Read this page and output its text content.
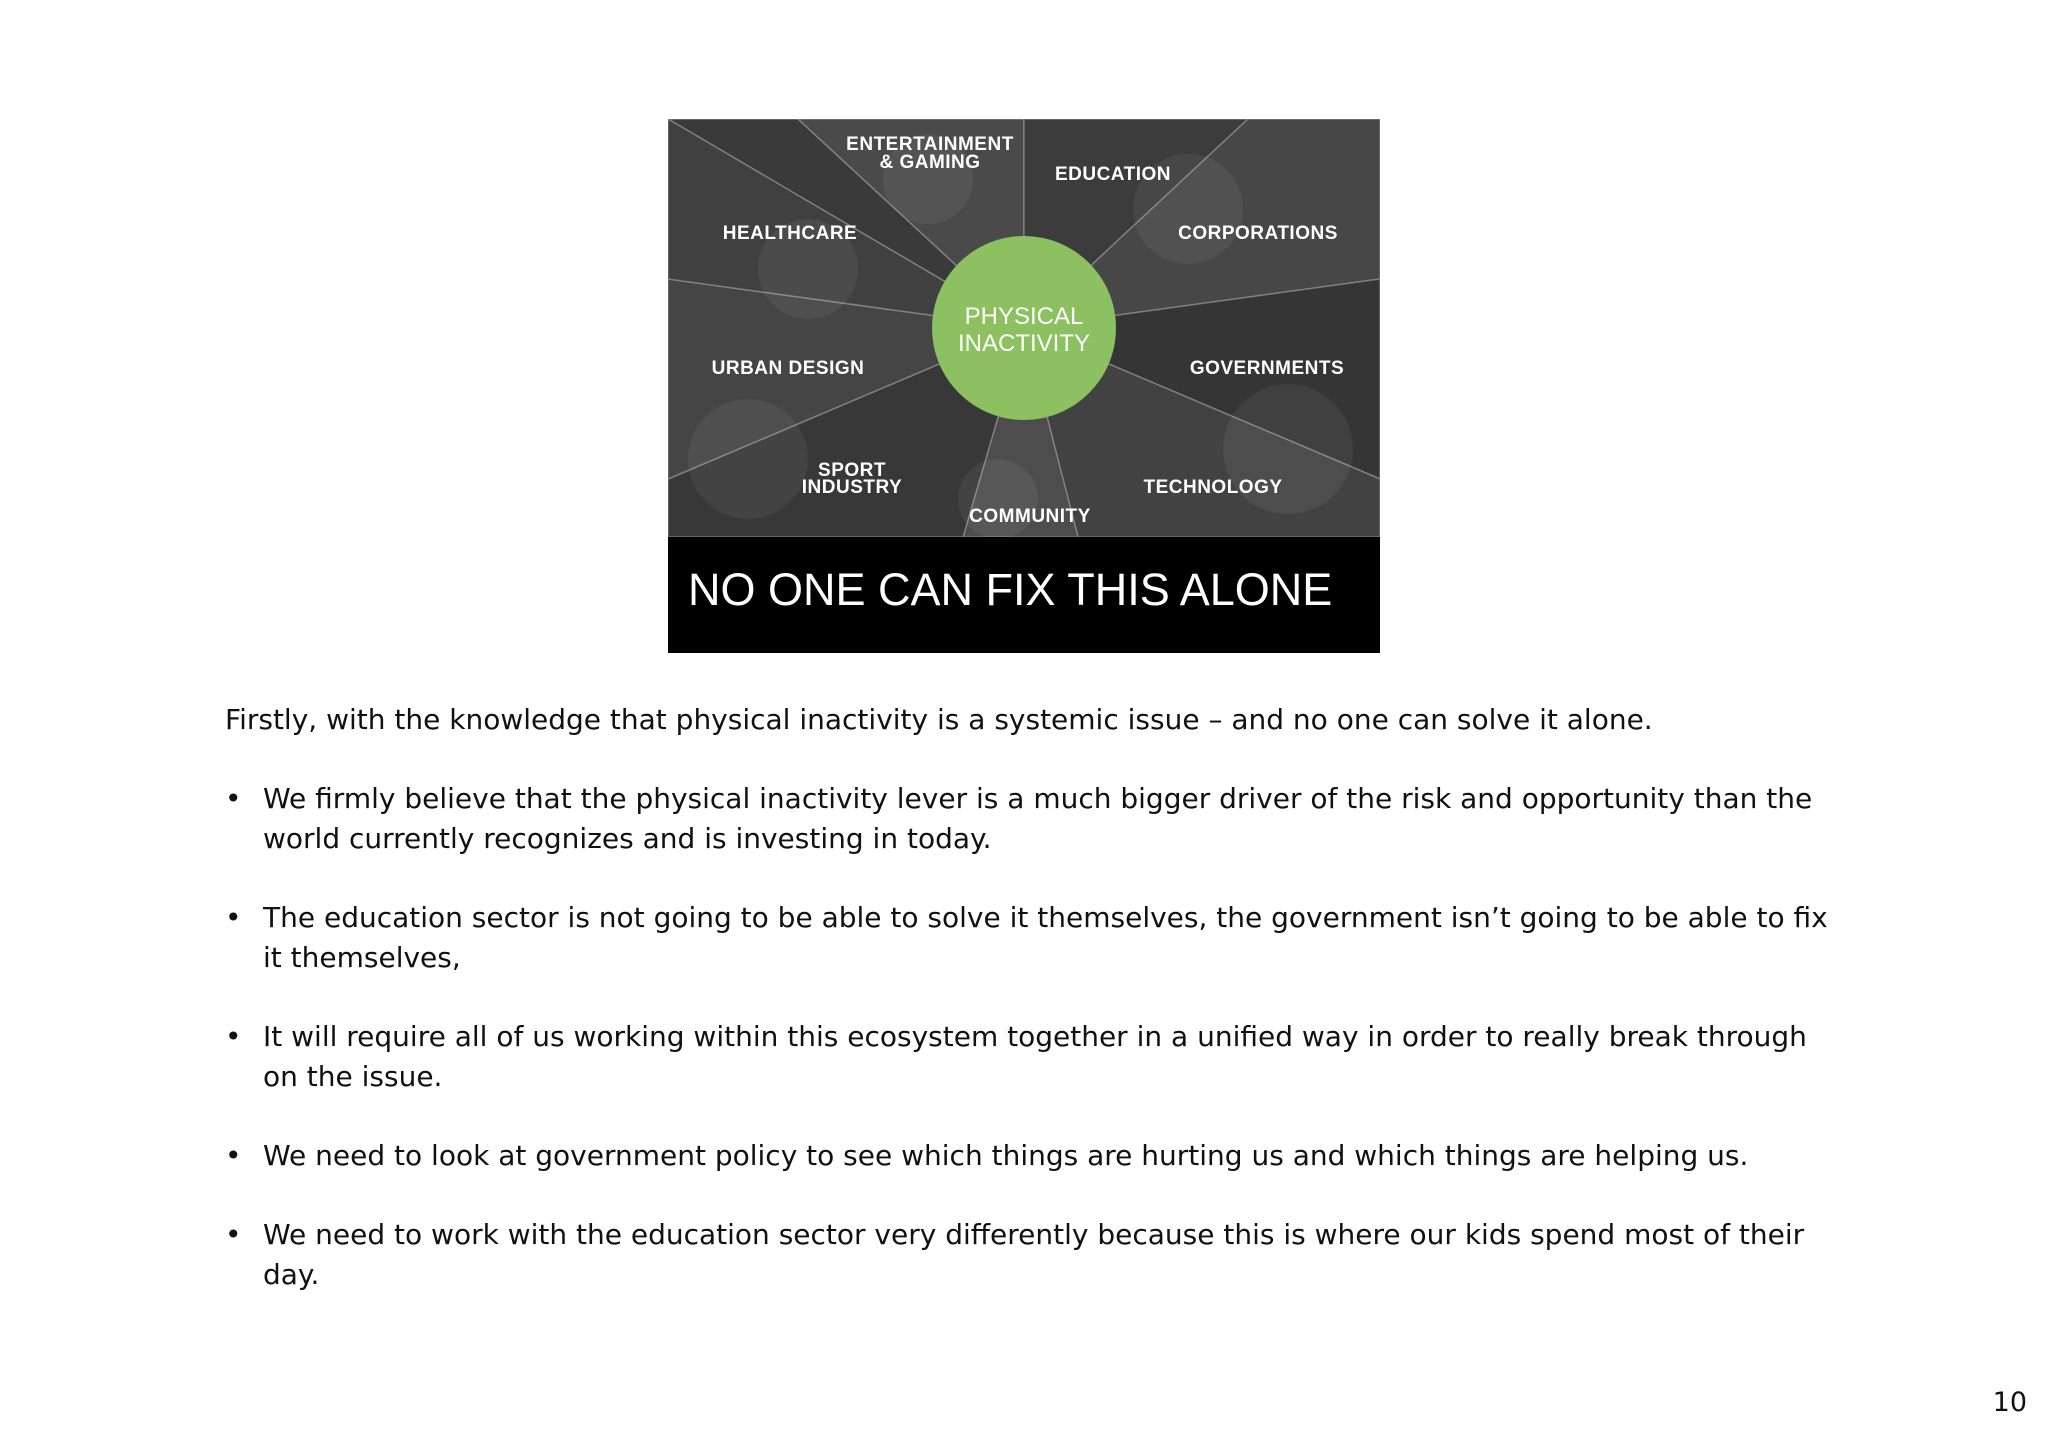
PHYSICAL
INACTIVITY
ENTERTAINMENT
& GAMING
EDUCATION
HEALTHCARE	CORPORATIONS
URBAN DESIGN	GOVERNMENTS
SPORT
INDUSTRY	TECHNOLOGY
COMMUNITY
NO ONE CAN FIX THIS ALONE

Firstly, with the knowledge that physical inactivity is a systemic issue – and no one can solve it alone.

• We firmly believe that the physical inactivity lever is a much bigger driver of the risk and opportunity than the world currently recognizes and is investing in today.
• The education sector is not going to be able to solve it themselves, the government isn’t going to be able to fix it themselves,
• It will require all of us working within this ecosystem together in a unified way in order to really break through on the issue.
• We need to look at government policy to see which things are hurting us and which things are helping us.
• We need to work with the education sector very differently because this is where our kids spend most of their day.
10
